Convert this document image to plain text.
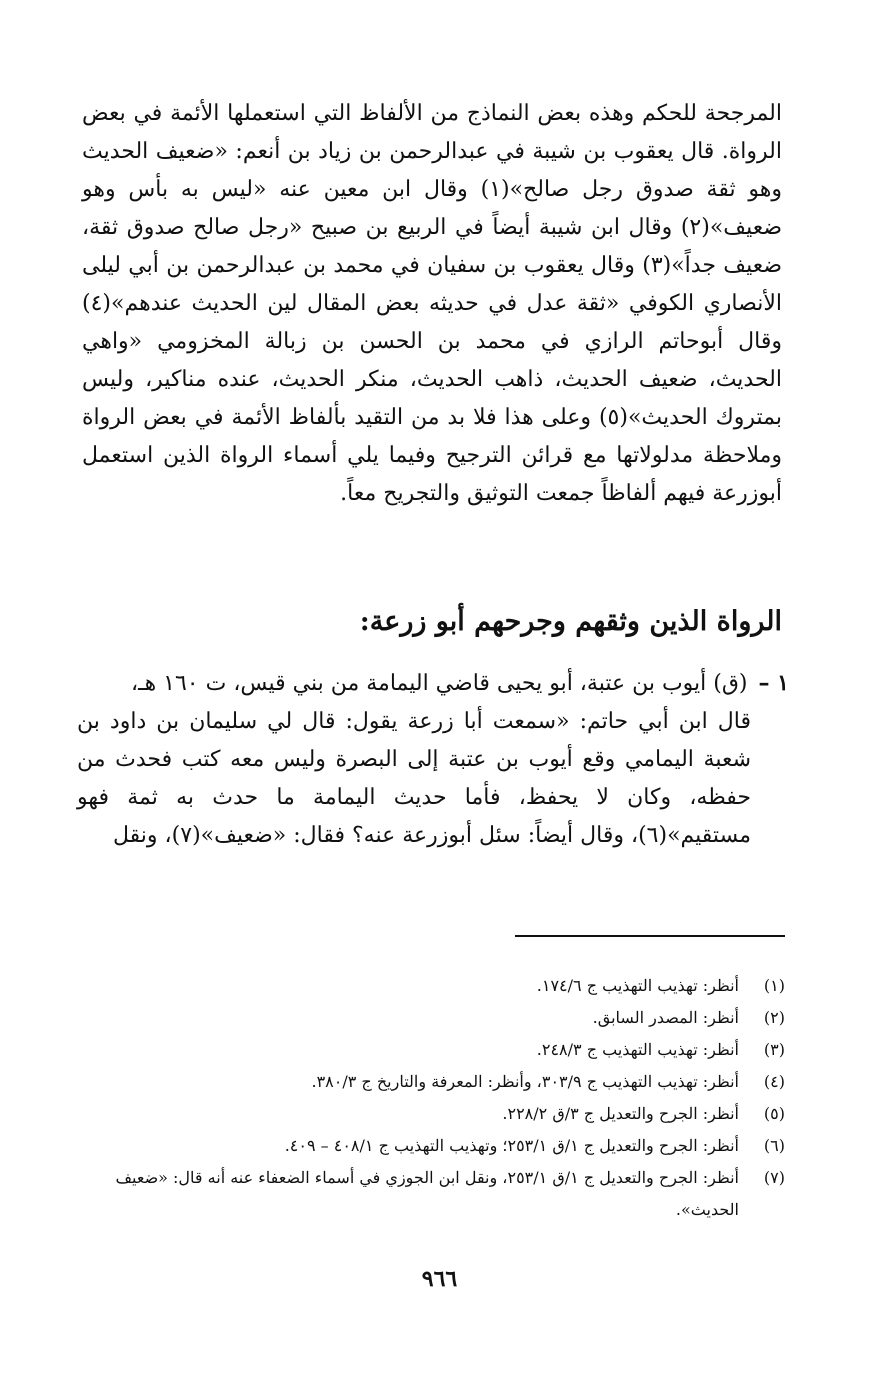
المرجحة للحكم وهذه بعض النماذج من الألفاظ التي استعملها الأئمة في بعض الرواة. قال يعقوب بن شيبة في عبدالرحمن بن زياد بن أنعم: «ضعيف الحديث وهو ثقة صدوق رجل صالح»(١) وقال ابن معين عنه «ليس به بأس وهو ضعيف»(٢) وقال ابن شيبة أيضاً في الربيع بن صبيح «رجل صالح صدوق ثقة، ضعيف جداً»(٣) وقال يعقوب بن سفيان في محمد بن عبدالرحمن بن أبي ليلى الأنصاري الكوفي «ثقة عدل في حديثه بعض المقال لين الحديث عندهم»(٤) وقال أبوحاتم الرازي في محمد بن الحسن بن زبالة المخزومي «واهي الحديث، ضعيف الحديث، ذاهب الحديث، منكر الحديث، عنده مناكير، وليس بمتروك الحديث»(٥) وعلى هذا فلا بد من التقيد بألفاظ الأئمة في بعض الرواة وملاحظة مدلولاتها مع قرائن الترجيح وفيما يلي أسماء الرواة الذين استعمل أبوزرعة فيهم ألفاظاً جمعت التوثيق والتجريح معاً.

الرواة الذين وثقهم وجرحهم أبو زرعة:

١ – (ق) أيوب بن عتبة، أبو يحيى قاضي اليمامة من بني قيس، ت ١٦٠ هـ،
قال ابن أبي حاتم: «سمعت أبا زرعة يقول: قال لي سليمان بن داود بن شعبة اليمامي وقع أيوب بن عتبة إلى البصرة وليس معه كتب فحدث من حفظه، وكان لا يحفظ، فأما حديث اليمامة ما حدث به ثمة فهو مستقيم»(٦)، وقال أيضاً: سئل أبوزرعة عنه؟ فقال: «ضعيف»(٧)، ونقل

(١)
أنظر: تهذيب التهذيب ج ١٧٤/٦.
(٢)
أنظر: المصدر السابق.
(٣)
أنظر: تهذيب التهذيب ج ٢٤٨/٣.
(٤)
أنظر: تهذيب التهذيب ج ٣٠٣/٩، وأنظر: المعرفة والتاريخ ج ٣٨٠/٣.
(٥)
أنظر: الجرح والتعديل ج ٣/ق ٢٢٨/٢.
(٦)
أنظر: الجرح والتعديل ج ١/ق ٢٥٣/١؛ وتهذيب التهذيب ج ٤٠٨/١ – ٤٠٩.
(٧)
أنظر: الجرح والتعديل ج ١/ق ٢٥٣/١، ونقل ابن الجوزي في أسماء الضعفاء عنه أنه قال: «ضعيف الحديث».
٩٦٦
